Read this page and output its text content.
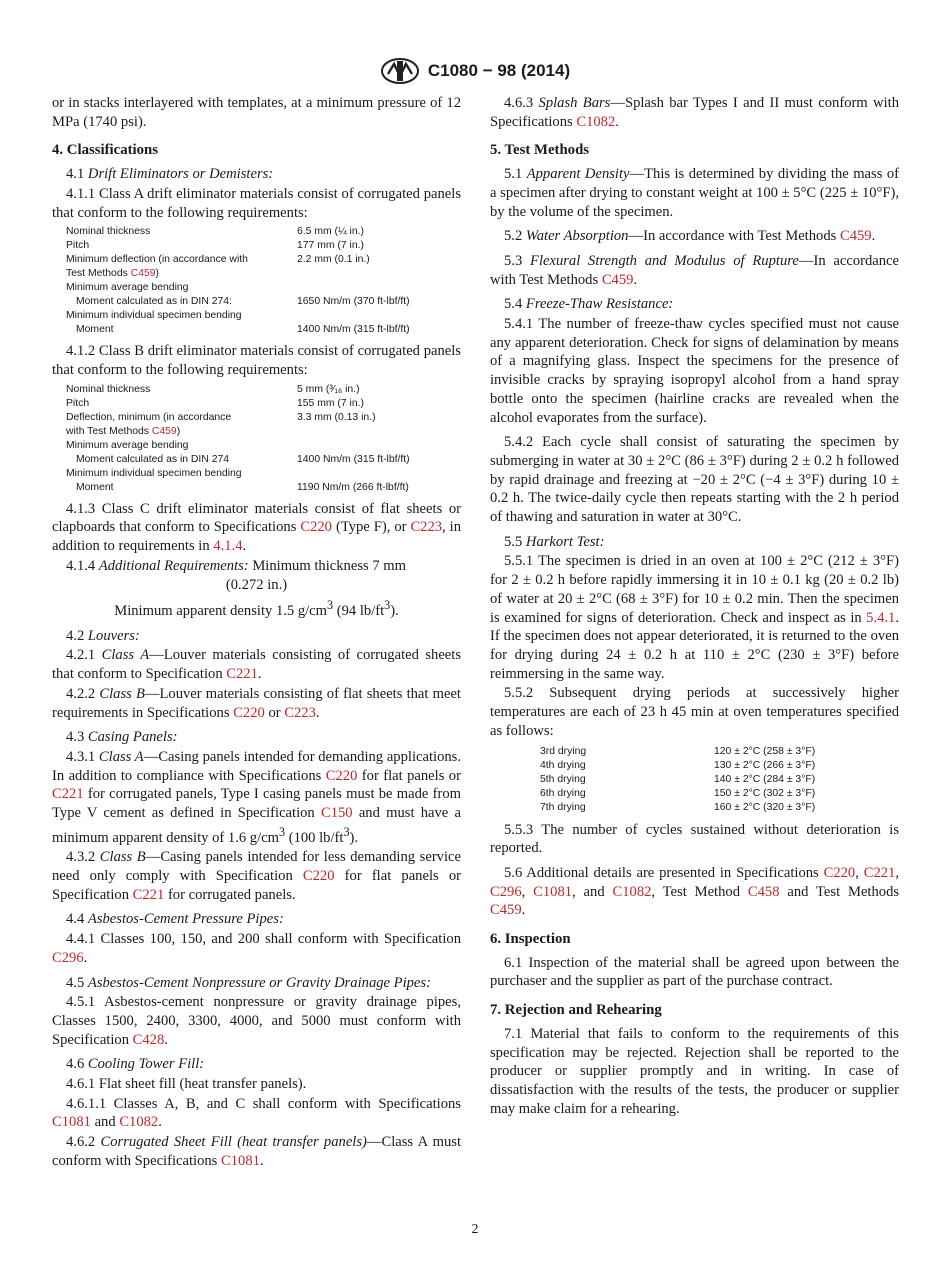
C1080 − 98 (2014)

or in stacks interlayered with templates, at a minimum pressure of 12 MPa (1740 psi).

4. Classifications

4.1 Drift Eliminators or Demisters:

4.1.1 Class A drift eliminator materials consist of corrugated panels that conform to the following requirements:

Nominal thickness	6.5 mm (¼ in.)
Pitch	177 mm (7 in.)
Minimum deflection (in accordance with	2.2 mm (0.1 in.)
Test Methods C459)
Minimum average bending
Moment calculated as in DIN 274:	1650 Nm/m (370 ft-lbf/ft)
Minimum individual specimen bending
Moment	1400 Nm/m (315 ft-lbf/ft)

4.1.2 Class B drift eliminator materials consist of corrugated panels that conform to the following requirements:

Nominal thickness	5 mm (³⁄₁₆ in.)
Pitch	155 mm (7 in.)
Deflection, minimum (in accordance	3.3 mm (0.13 in.)
with Test Methods C459)
Minimum average bending
Moment calculated as in DIN 274	1400 Nm/m (315 ft-lbf/ft)
Minimum individual specimen bending
Moment	1190 Nm/m (266 ft-lbf/ft)

4.1.3 Class C drift eliminator materials consist of flat sheets or clapboards that conform to Specifications C220 (Type F), or C223, in addition to requirements in 4.1.4.

4.1.4 Additional Requirements: Minimum thickness 7 mm

(0.272 in.)

Minimum apparent density 1.5 $g/cm^3$ (94 $lb/ft^3$).

4.2 Louvers:

4.2.1 Class A—Louver materials consisting of corrugated sheets that conform to Specification C221.

4.2.2 Class B—Louver materials consisting of flat sheets that meet requirements in Specifications C220 or C223.

4.3 Casing Panels:

4.3.1 Class A—Casing panels intended for demanding applications. In addition to compliance with Specifications C220 for flat panels or C221 for corrugated panels, Type I casing panels must be made from Type V cement as defined in Specification C150 and must have a minimum apparent density of 1.6 $g/cm^3$ (100 $lb/ft^3$).

4.3.2 Class B—Casing panels intended for less demanding service need only comply with Specification C220 for flat panels or Specification C221 for corrugated panels.

4.4 Asbestos-Cement Pressure Pipes:

4.4.1 Classes 100, 150, and 200 shall conform with Specification C296.

4.5 Asbestos-Cement Nonpressure or Gravity Drainage Pipes:

4.5.1 Asbestos-cement nonpressure or gravity drainage pipes, Classes 1500, 2400, 3300, 4000, and 5000 must conform with Specification C428.

4.6 Cooling Tower Fill:

4.6.1 Flat sheet fill (heat transfer panels).

4.6.1.1 Classes A, B, and C shall conform with Specifications C1081 and C1082.

4.6.2 Corrugated Sheet Fill (heat transfer panels)—Class A must conform with Specifications C1081.

4.6.3 Splash Bars—Splash bar Types I and II must conform with Specifications C1082.

5. Test Methods

5.1 Apparent Density—This is determined by dividing the mass of a specimen after drying to constant weight at 100 ± 5°C (225 ± 10°F), by the volume of the specimen.

5.2 Water Absorption—In accordance with Test Methods C459.

5.3 Flexural Strength and Modulus of Rupture—In accordance with Test Methods C459.

5.4 Freeze-Thaw Resistance:

5.4.1 The number of freeze-thaw cycles specified must not cause any apparent deterioration. Check for signs of delamination by means of a magnifying glass. Inspect the specimens for the presence of invisible cracks by spraying isopropyl alcohol from a hand spray bottle onto the specimen (hairline cracks are revealed when the alcohol evaporates from the surface).

5.4.2 Each cycle shall consist of saturating the specimen by submerging in water at 30 ± 2°C (86 ± 3°F) during 2 ± 0.2 h followed by rapid drainage and freezing at −20 ± 2°C (−4 ± 3°F) during 10 ± 0.2 h. The twice-daily cycle then repeats starting with the 2 h period of thawing and saturation in water at 30°C.

5.5 Harkort Test:

5.5.1 The specimen is dried in an oven at 100 ± 2°C (212 ± 3°F) for 2 ± 0.2 h before rapidly immersing it in 10 ± 0.1 kg (20 ± 0.2 lb) of water at 20 ± 2°C (68 ± 3°F) for 10 ± 0.2 min. Then the specimen is examined for signs of deterioration. Check and inspect as in 5.4.1. If the specimen does not appear deteriorated, it is returned to the oven for drying during 24 ± 0.2 h at 110 ± 2°C (230 ± 3°F) before reimmersing in the same way.

5.5.2 Subsequent drying periods at successively higher temperatures are each of 23 h 45 min at oven temperatures specified as follows:

3rd drying	120 ± 2°C (258 ± 3°F)
4th drying	130 ± 2°C (266 ± 3°F)
5th drying	140 ± 2°C (284 ± 3°F)
6th drying	150 ± 2°C (302 ± 3°F)
7th drying	160 ± 2°C (320 ± 3°F)

5.5.3 The number of cycles sustained without deterioration is reported.

5.6 Additional details are presented in Specifications C220, C221, C296, C1081, and C1082, Test Method C458 and Test Methods C459.

6. Inspection

6.1 Inspection of the material shall be agreed upon between the purchaser and the supplier as part of the purchase contract.

7. Rejection and Rehearing

7.1 Material that fails to conform to the requirements of this specification may be rejected. Rejection shall be reported to the producer or supplier promptly and in writing. In case of dissatisfaction with the results of the tests, the producer or supplier may make claim for a rehearing.

2
